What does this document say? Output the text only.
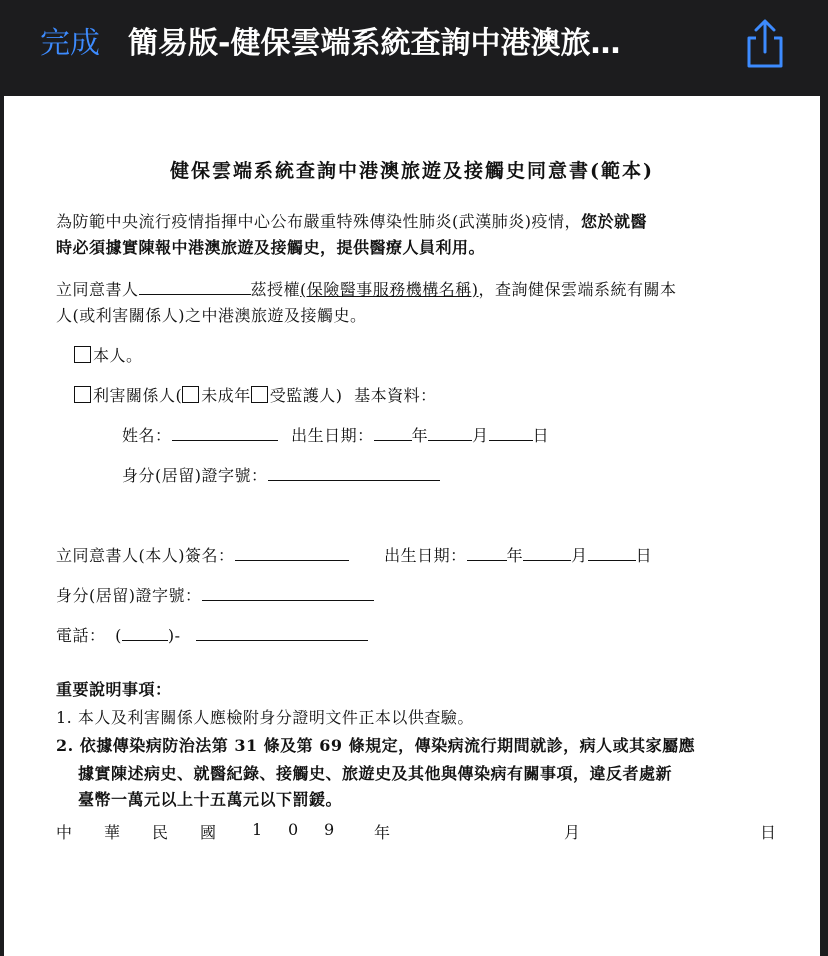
完成 簡易版-健保雲端系統查詢中港澳旅…
健保雲端系統查詢中港澳旅遊及接觸史同意書(範本)
為防範中央流行疫情指揮中心公布嚴重特殊傳染性肺炎(武漢肺炎)疫情，您於就醫
時必須據實陳報中港澳旅遊及接觸史，提供醫療人員利用。
立同意書人	茲授權(保險醫事服務機構名稱)，查詢健保雲端系統有關本
人(或利害關係人)之中港澳旅遊及接觸史。
本人。
利害關係人( 未成年 受監護人) 基本資料：
姓名：	出生日期： 年	月	日
身分(居留)證字號：
立同意書人(本人)簽名：	出生日期：	年	月	日
身分(居留)證字號：
電話： (	)-
重要說明事項：
1. 本人及利害關係人應檢附身分證明文件正本以供查驗。
2. 依據傳染病防治法第 31 條及第 69 條規定，傳染病流行期間就診，病人或其家屬應
據實陳述病史、就醫紀錄、接觸史、旅遊史及其他與傳染病有關事項，違反者處新
臺幣一萬元以上十五萬元以下罰鍰。
中 華 民 國 1 0 9 年	月	日
